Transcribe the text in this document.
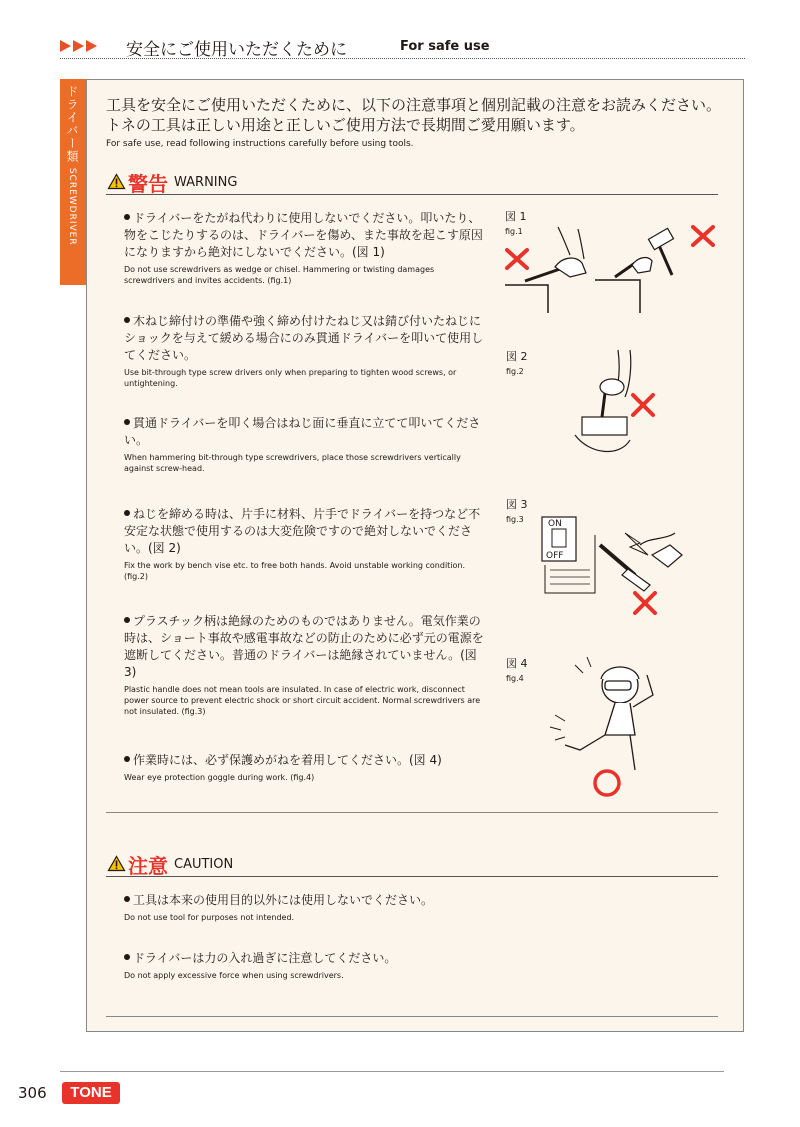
安全にご使用いただくために	For safe use
ドライバー類 SCREWDRIVER
工具を安全にご使用いただくために、以下の注意事項と個別記載の注意をお読みください。トネの工具は正しい用途と正しいご使用方法で長期間ご愛用願います。
For safe use, read following instructions carefully before using tools.
警告 WARNING
ドライバーをたがね代わりに使用しないでください。叩いたり、物をこじたりするのは、ドライバーを傷め、また事故を起こす原因になりますから絶対にしないでください。(図 1)
Do not use screwdrivers as wedge or chisel. Hammering or twisting damages screwdrivers and invites accidents. (fig.1)
木ねじ締付けの準備や強く締め付けたねじ又は錆び付いたねじにショックを与えて緩める場合にのみ貫通ドライバーを叩いて使用してください。
Use bit-through type screw drivers only when preparing to tighten wood screws, or untightening.
貫通ドライバーを叩く場合はねじ面に垂直に立てて叩いてください。
When hammering bit-through type screwdrivers, place those screwdrivers vertically against screw-head.
ねじを締める時は、片手に材料、片手でドライバーを持つなど不安定な状態で使用するのは大変危険ですので絶対しないでください。(図 2)
Fix the work by bench vise etc. to free both hands. Avoid unstable working condition. (fig.2)
プラスチック柄は絶縁のためのものではありません。電気作業の時は、ショート事故や感電事故などの防止のために必ず元の電源を遮断してください。普通のドライバーは絶縁されていません。(図 3)
Plastic handle does not mean tools are insulated. In case of electric work, disconnect power source to prevent electric shock or short circuit accident. Normal screwdrivers are not insulated. (fig.3)
作業時には、必ず保護めがねを着用してください。(図 4)
Wear eye protection goggle during work. (fig.4)
図 1
fig.1
図 2
fig.2
図 3
fig.3
図 4
fig.4
ON
OFF
注意 CAUTION
工具は本来の使用目的以外には使用しないでください。
Do not use tool for purposes not intended.
ドライバーは力の入れ過ぎに注意してください。
Do not apply excessive force when using screwdrivers.
306	TONE
